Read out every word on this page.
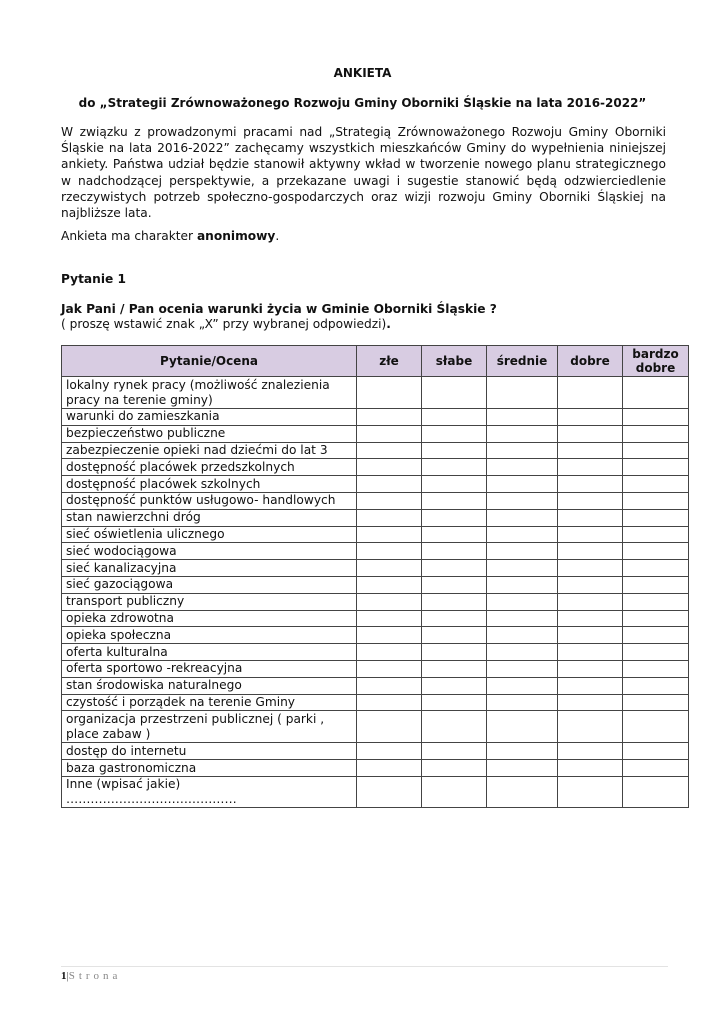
ANKIETA
do „Strategii Zrównoważonego Rozwoju Gminy Oborniki Śląskie na lata 2016-2022”

W związku z prowadzonymi pracami nad „Strategią Zrównoważonego Rozwoju Gminy Oborniki Śląskie na lata 2016-2022” zachęcamy wszystkich mieszkańców Gminy do wypełnienia niniejszej ankiety. Państwa udział będzie stanowił aktywny wkład w tworzenie nowego planu strategicznego w nadchodzącej perspektywie, a przekazane uwagi i sugestie stanowić będą odzwierciedlenie rzeczywistych potrzeb społeczno-gospodarczych oraz wizji rozwoju Gminy Oborniki Śląskiej na najbliższe lata.

Ankieta ma charakter anonimowy.

Pytanie 1
Jak Pani / Pan ocenia warunki życia w Gminie Oborniki Śląskie ?
( proszę wstawić znak „X” przy wybranej odpowiedzi).
Pytanie/Ocena	złe	słabe	średnie	dobre	bardzo dobre
lokalny rynek pracy (możliwość znalezienia pracy na terenie gminy)					
warunki do zamieszkania					
bezpieczeństwo publiczne					
zabezpieczenie opieki nad dziećmi do lat 3					
dostępność placówek przedszkolnych					
dostępność placówek szkolnych					
dostępność punktów usługowo- handlowych					
stan nawierzchni dróg					
sieć oświetlenia ulicznego					
sieć wodociągowa					
sieć kanalizacyjna					
sieć gazociągowa					
transport publiczny					
opieka zdrowotna					
opieka społeczna					
oferta kulturalna					
oferta sportowo -rekreacyjna					
stan środowiska naturalnego					
czystość i porządek na terenie Gminy					
organizacja przestrzeni publicznej ( parki , place zabaw )					
dostęp do internetu					
baza gastronomiczna					
Inne (wpisać jakie) ……………………………………					
1|Strona
